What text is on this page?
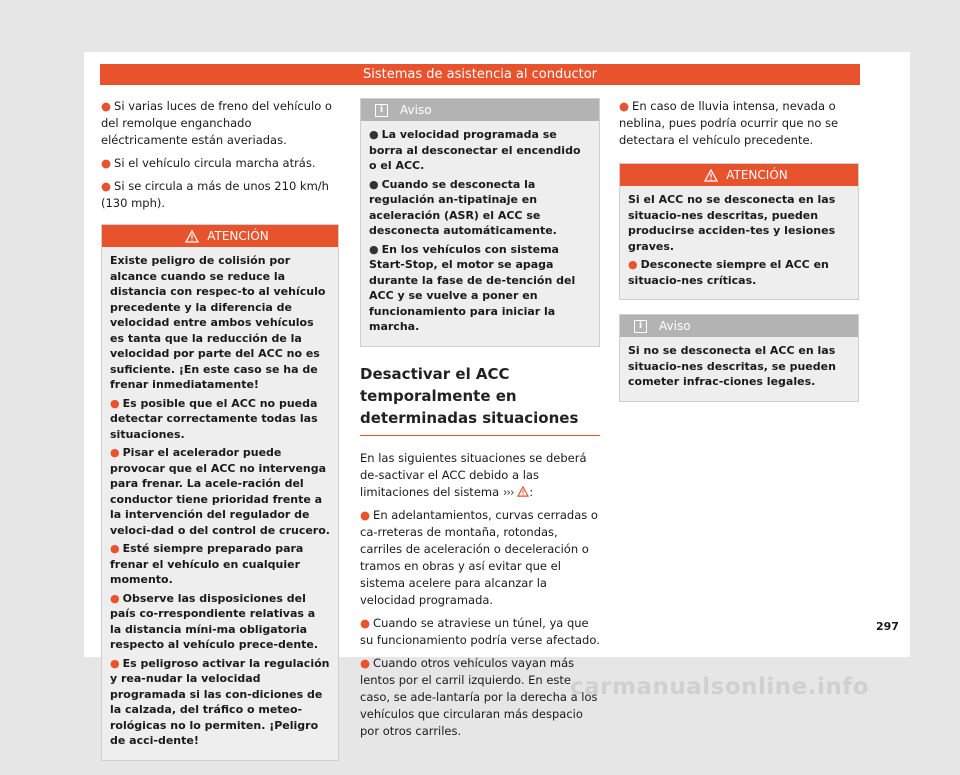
Sistemas de asistencia al conductor

● Si varias luces de freno del vehículo o del remolque enganchado eléctricamente están averiadas.

● Si el vehículo circula marcha atrás.

● Si se circula a más de unos 210 km/h (130 mph).

ATENCIÓN

Existe peligro de colisión por alcance cuando se reduce la distancia con respec-to al vehículo precedente y la diferencia de velocidad entre ambos vehículos es tanta que la reducción de la velocidad por parte del ACC no es suficiente. ¡En este caso se ha de frenar inmediatamente!

● Es posible que el ACC no pueda detectar correctamente todas las situaciones.

● Pisar el acelerador puede provocar que el ACC no intervenga para frenar. La acele-ración del conductor tiene prioridad frente a la intervención del regulador de veloci-dad o del control de crucero.

● Esté siempre preparado para frenar el vehículo en cualquier momento.

● Observe las disposiciones del país co-rrespondiente relativas a la distancia míni-ma obligatoria respecto al vehículo prece-dente.

● Es peligroso activar la regulación y rea-nudar la velocidad programada si las con-diciones de la calzada, del tráfico o meteo-rológicas no lo permiten. ¡Peligro de acci-dente!

i	Aviso

● La velocidad programada se borra al desconectar el encendido o el ACC.

● Cuando se desconecta la regulación an-tipatinaje en aceleración (ASR) el ACC se desconecta automáticamente.

● En los vehículos con sistema Start-Stop, el motor se apaga durante la fase de de-tención del ACC y se vuelve a poner en funcionamiento para iniciar la marcha.

Desactivar el ACC temporalmente en determinadas situaciones

En las siguientes situaciones se deberá de-sactivar el ACC debido a las limitaciones del sistema ››› :

● En adelantamientos, curvas cerradas o ca-rreteras de montaña, rotondas, carriles de aceleración o deceleración o tramos en obras y así evitar que el sistema acelere para alcanzar la velocidad programada.

● Cuando se atraviese un túnel, ya que su funcionamiento podría verse afectado.

● Cuando otros vehículos vayan más lentos por el carril izquierdo. En este caso, se ade-lantaría por la derecha a los vehículos que circularan más despacio por otros carriles.

● En caso de lluvia intensa, nevada o neblina, pues podría ocurrir que no se detectara el vehículo precedente.

ATENCIÓN

Si el ACC no se desconecta en las situacio-nes descritas, pueden producirse acciden-tes y lesiones graves.

● Desconecte siempre el ACC en situacio-nes críticas.

i	Aviso

Si no se desconecta el ACC en las situacio-nes descritas, se pueden cometer infrac-ciones legales.

297
carmanualsonline.info
